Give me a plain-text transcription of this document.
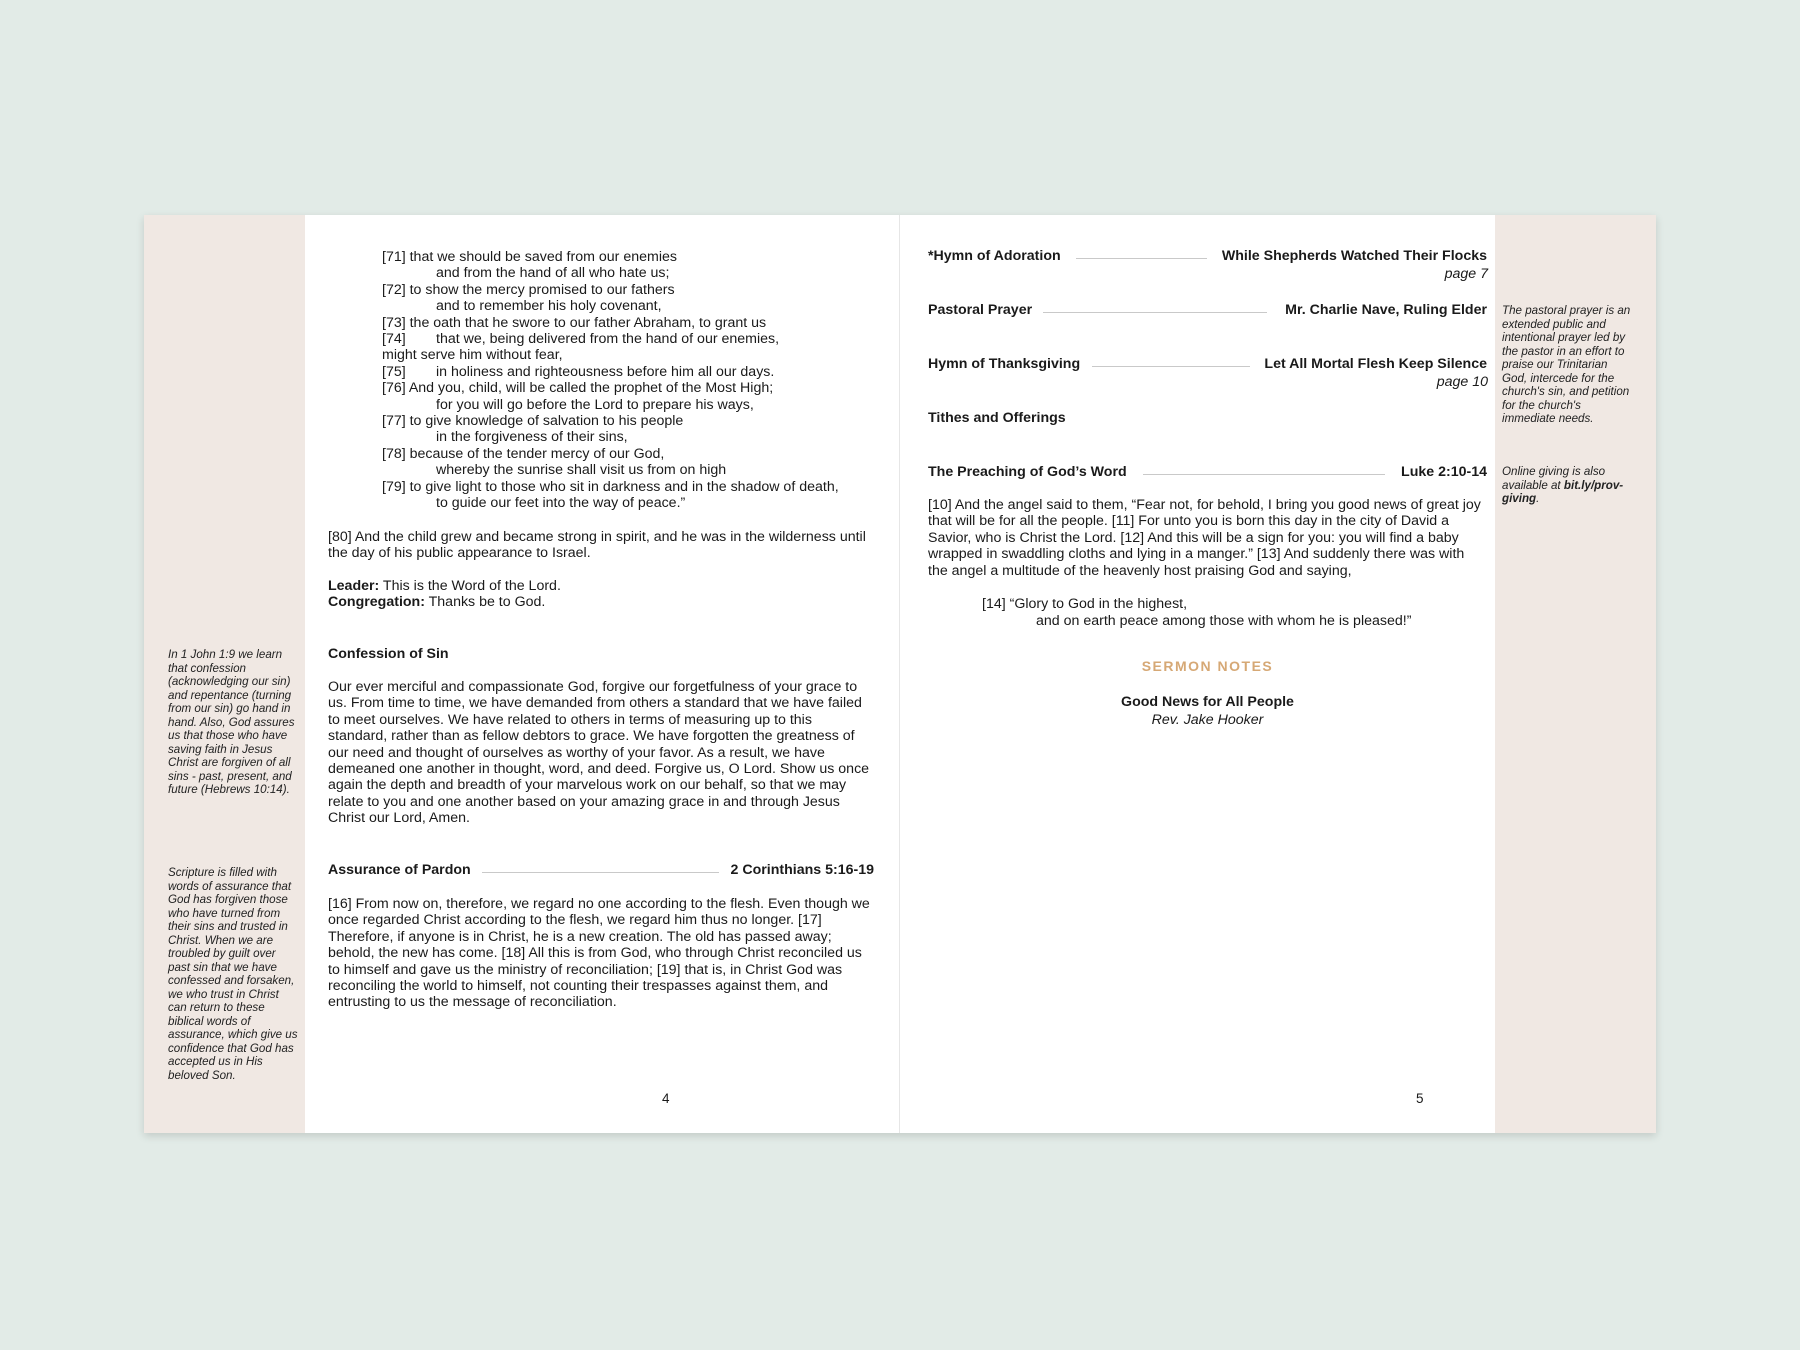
In 1 John 1:9 we learn that confession (acknowledging our sin) and repentance (turning from our sin) go hand in hand. Also, God assures us that those who have saving faith in Jesus Christ are forgiven of all sins - past, present, and future (Hebrews 10:14).
Scripture is filled with words of assurance that God has forgiven those who have turned from their sins and trusted in Christ. When we are troubled by guilt over past sin that we have confessed and forsaken, we who trust in Christ can return to these biblical words of assurance, which give us confidence that God has accepted us in His beloved Son.
The pastoral prayer is an extended public and intentional prayer led by the pastor in an effort to praise our Trinitarian God, intercede for the church's sin, and petition for the church's immediate needs.
Online giving is also available at bit.ly/prov-giving.
[71] that we should be saved from our enemies
and from the hand of all who hate us;
[72] to show the mercy promised to our fathers
and to remember his holy covenant,
[73] the oath that he swore to our father Abraham, to grant us
[74] that we, being delivered from the hand of our enemies,
might serve him without fear,
[75] in holiness and righteousness before him all our days.
[76] And you, child, will be called the prophet of the Most High;
for you will go before the Lord to prepare his ways,
[77] to give knowledge of salvation to his people
in the forgiveness of their sins,
[78] because of the tender mercy of our God,
whereby the sunrise shall visit us from on high
[79] to give light to those who sit in darkness and in the shadow of death,
to guide our feet into the way of peace.”
[80] And the child grew and became strong in spirit, and he was in the wilderness until the day of his public appearance to Israel.
Leader: This is the Word of the Lord.
Congregation: Thanks be to God.
Confession of Sin
Our ever merciful and compassionate God, forgive our forgetfulness of your grace to us. From time to time, we have demanded from others a standard that we have failed to meet ourselves. We have related to others in terms of measuring up to this standard, rather than as fellow debtors to grace. We have forgotten the greatness of our need and thought of ourselves as worthy of your favor. As a result, we have demeaned one another in thought, word, and deed. Forgive us, O Lord. Show us once again the depth and breadth of your marvelous work on our behalf, so that we may relate to you and one another based on your amazing grace in and through Jesus Christ our Lord, Amen.
Assurance of Pardon	2 Corinthians 5:16-19
[16] From now on, therefore, we regard no one according to the flesh. Even though we once regarded Christ according to the flesh, we regard him thus no longer. [17] Therefore, if anyone is in Christ, he is a new creation. The old has passed away; behold, the new has come. [18] All this is from God, who through Christ reconciled us to himself and gave us the ministry of reconciliation; [19] that is, in Christ God was reconciling the world to himself, not counting their trespasses against them, and entrusting to us the message of reconciliation.
4
*Hymn of Adoration	While Shepherds Watched Their Flocks
page 7
Pastoral Prayer	Mr. Charlie Nave, Ruling Elder
Hymn of Thanksgiving	Let All Mortal Flesh Keep Silence
page 10
Tithes and Offerings
The Preaching of God’s Word	Luke 2:10-14
[10] And the angel said to them, “Fear not, for behold, I bring you good news of great joy that will be for all the people. [11] For unto you is born this day in the city of David a Savior, who is Christ the Lord. [12] And this will be a sign for you: you will find a baby wrapped in swaddling cloths and lying in a manger.” [13] And suddenly there was with the angel a multitude of the heavenly host praising God and saying,
[14] “Glory to God in the highest,
and on earth peace among those with whom he is pleased!”
SERMON NOTES
Good News for All People
Rev. Jake Hooker
5
